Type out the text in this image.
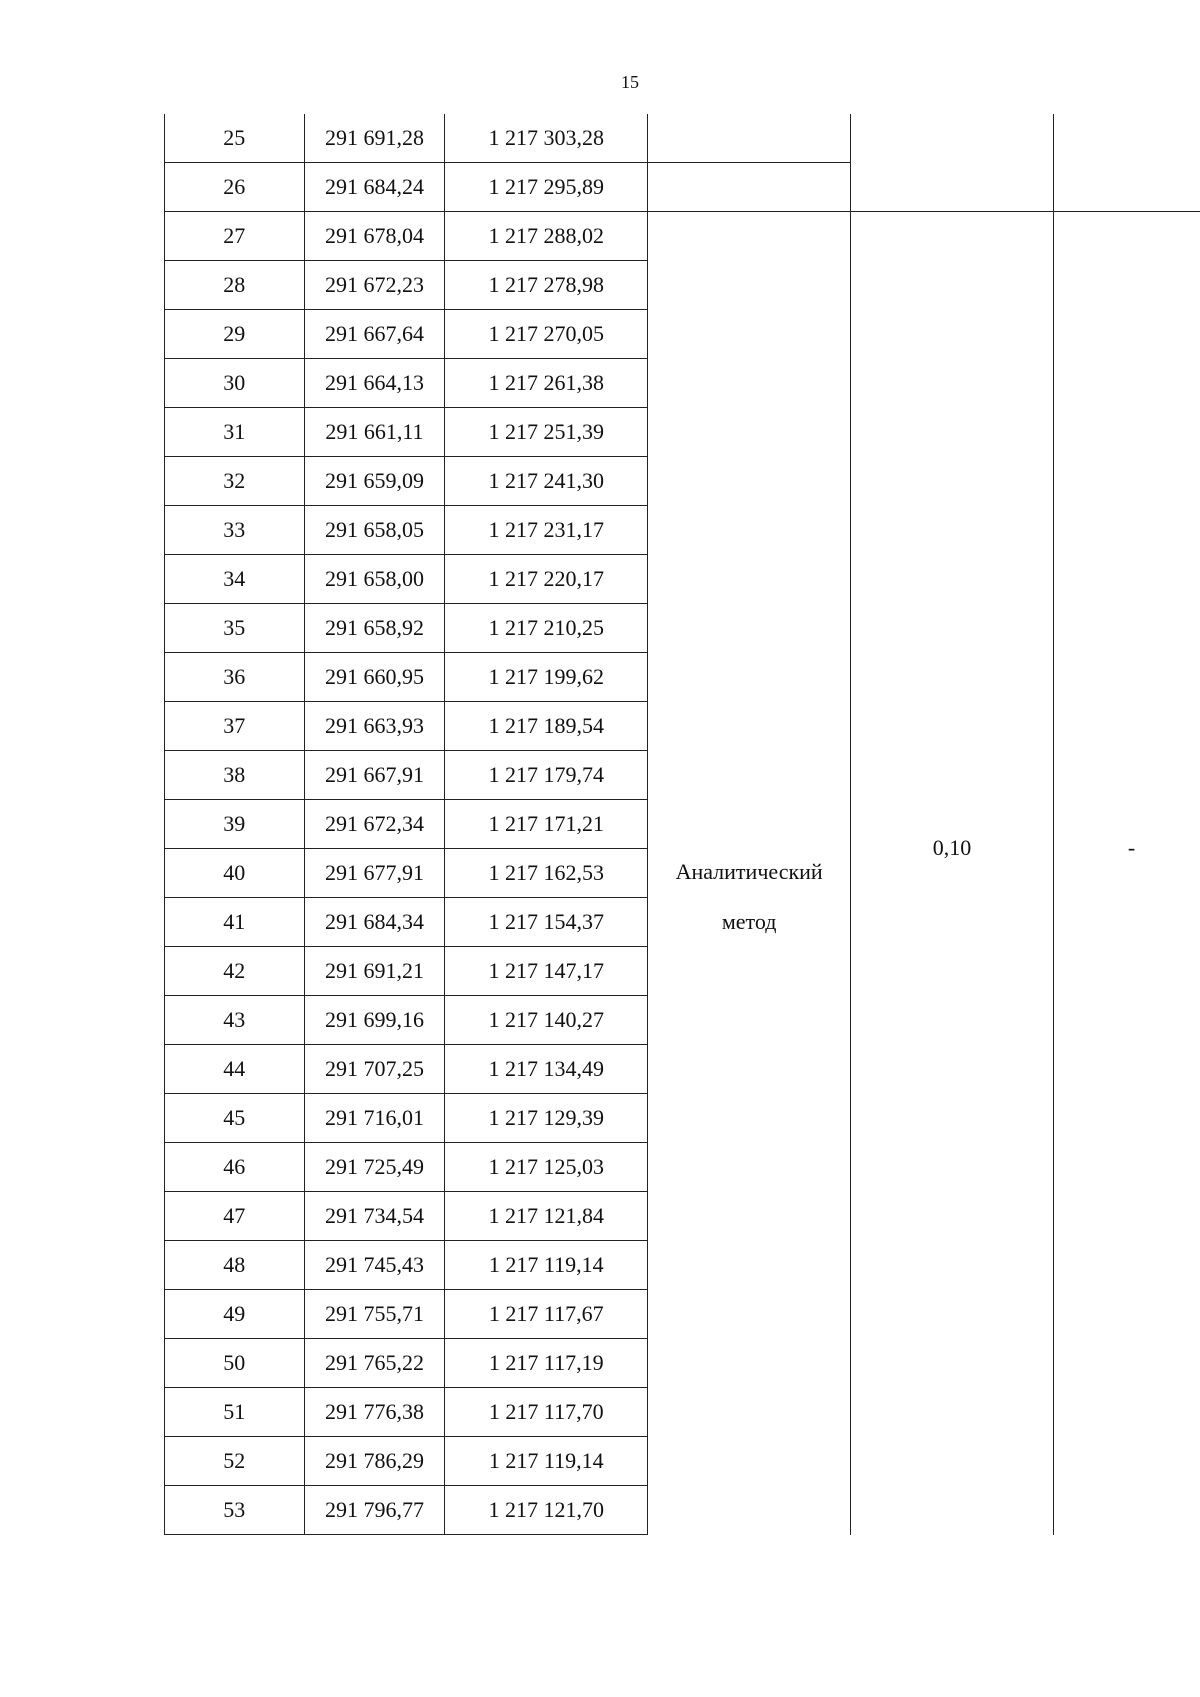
15
25	291 691,28	1 217 303,28			
26	291 684,24	1 217 295,89			
27	291 678,04	1 217 288,02	Аналитический метод	0,10	-
28	291 672,23	1 217 278,98			
29	291 667,64	1 217 270,05			
30	291 664,13	1 217 261,38			
31	291 661,11	1 217 251,39			
32	291 659,09	1 217 241,30			
33	291 658,05	1 217 231,17			
34	291 658,00	1 217 220,17			
35	291 658,92	1 217 210,25			
36	291 660,95	1 217 199,62			
37	291 663,93	1 217 189,54			
38	291 667,91	1 217 179,74			
39	291 672,34	1 217 171,21			
40	291 677,91	1 217 162,53			
41	291 684,34	1 217 154,37			
42	291 691,21	1 217 147,17			
43	291 699,16	1 217 140,27			
44	291 707,25	1 217 134,49			
45	291 716,01	1 217 129,39			
46	291 725,49	1 217 125,03			
47	291 734,54	1 217 121,84			
48	291 745,43	1 217 119,14			
49	291 755,71	1 217 117,67			
50	291 765,22	1 217 117,19			
51	291 776,38	1 217 117,70			
52	291 786,29	1 217 119,14			
53	291 796,77	1 217 121,70			
